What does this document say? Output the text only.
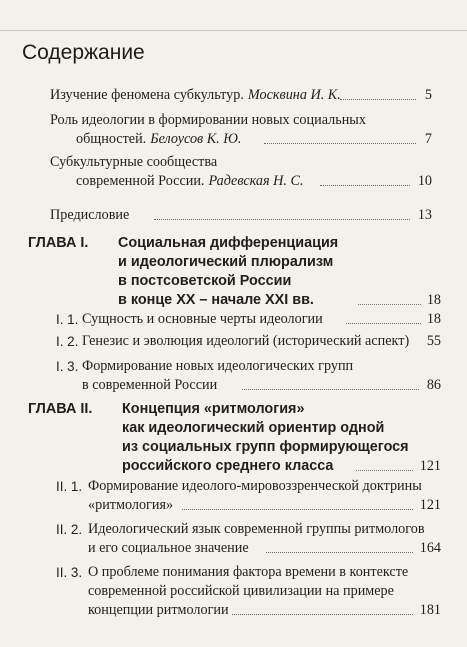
Содержание
Изучение феномена субкультур. Москвина И. К.	5
Роль идеологии в формировании новых социальных
общностей. Белоусов К. Ю.	7
Субкультурные сообщества
современной России. Радевская Н. С.	10
Предисловие	13
ГЛАВА I. Социальная дифференциация
и идеологический плюрализм
в постсоветской России
в конце XX – начале XXI вв.	18
I. 1. Сущность и основные черты идеологии	18
I. 2. Генезис и эволюция идеологий (исторический аспект) 55
I. 3. Формирование новых идеологических групп
в современной России	86
ГЛАВА II. Концепция «ритмология»
как идеологический ориентир одной
из социальных групп формирующегося
российского среднего класса	121
II. 1. Формирование идеолого-мировоззренческой доктрины
«ритмология»	121
II. 2. Идеологический язык современной группы ритмологов
и его социальное значение	164
II. 3. О проблеме понимания фактора времени в контексте
современной российской цивилизации на примере
концепции ритмологии	181
